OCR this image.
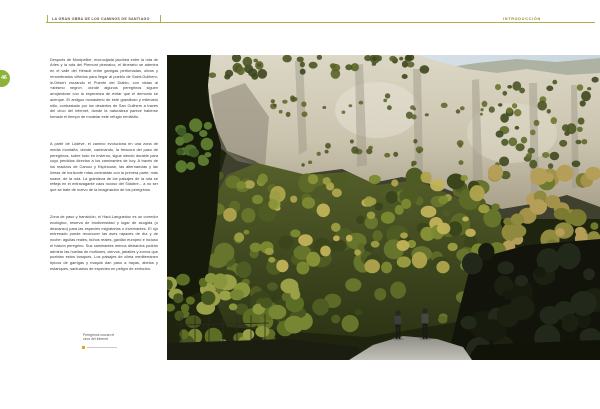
LA GRAN OBRA DE LOS CAMINOS DE SANTIAGO	INTRODUCCIÓN
46

Después de Montpellier, encrucijada jacobea entre la ruta de Arles y la ruta del Piemont pirenaico, el itinerario se adentra en el valle del Hérault entre garrigas perfumadas, olivos y renombrados viñedos para llegar al pueblo de Saint-Guilhem-le-Désert cruzando el Puente del Diablo, con vistas al «abismo negro», donde algunos peregrinos siguen arrojándose con la esperanza de evitar que el demonio se acerque. El antiguo monasterio de este grandioso y milenario sitio, contrastado por los desiertos de San Guilhem a través del circo del Infernet, donde la naturaleza parece haberse tomado el tiempo de modelar este refugio ermitaño.

A partir de Lodève, el camino evoluciona en una zona de media montaña, donde, caminando, la frescura del paso de peregrinos, sobre todo en invierno, sigue siendo durable para cuyo perdidos directos a los caminantes de hoy. A través de los macizos de Caroux y Espinouse, las alternancias y las líneas de horizonte rotas contrastan con la primera parte, más suave, de la ruta. La grandeza de los paisajes de la ruta se refleja en el extravagante caos rocoso del Sidobre... a no ser que se trate de nuevo de la imaginación de los peregrinos.

Zona de paso y transición, el Haut-Languedoc es un corredor ecológico, reserva de biodiversidad y lugar de acogida (o descanso) para las especies migratorias o invernantes. El ojo entrenado puede reconocer las aves rapaces de día y de noche: águilas reales, búhos reales, gavilán europeo e incluso el halcón peregrino. Sus caminantes menos distraídos podrán admirar las huellas de muflones, ciervos, jabalíes y zorros que pueblan estos bosques. Los paisajes de clima mediterráneo típicos de garrigas y maquis dan paso a hayas, abetos y estanques, santuarios de especies en peligro de extinción.

Peregrinos cruzan el circo del Infernet
